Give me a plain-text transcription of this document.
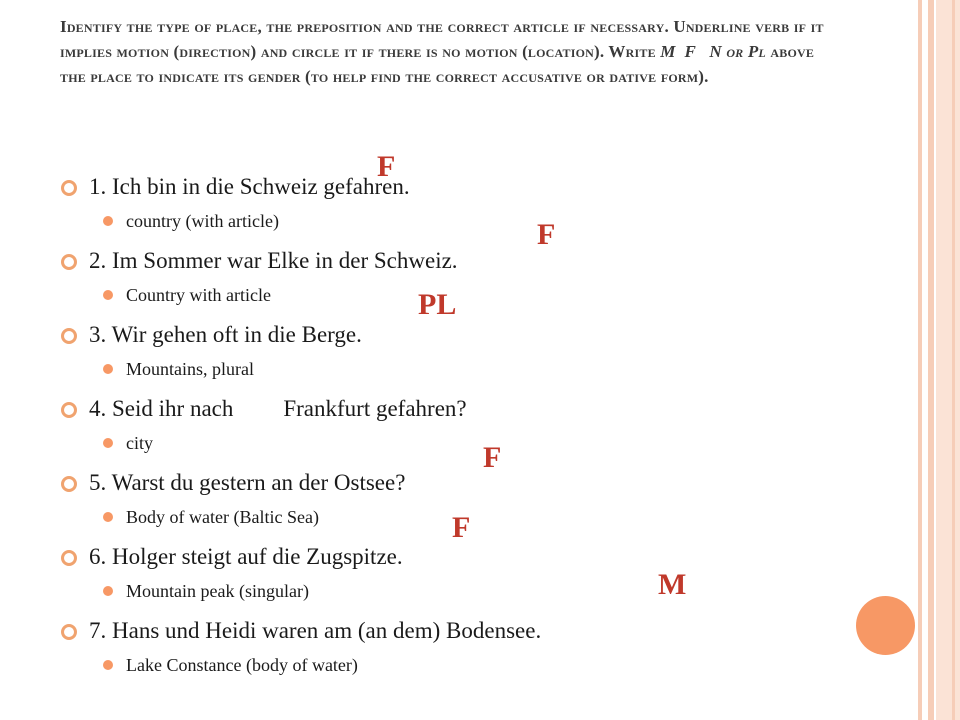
Identify the type of place, the preposition and the correct article if necessary. Underline verb if it implies motion (direction) and circle it if there is no motion (location). Write M F N or Pl above the place to indicate its gender (to help find the correct accusative or dative form).
1. Ich bin in die Schweiz gefahren.
country (with article)
2. Im Sommer war Elke in der Schweiz.
Country with article
3. Wir gehen oft in die Berge.
Mountains, plural
4. Seid ihr nach Frankfurt gefahren?
city
5. Warst du gestern an der Ostsee?
Body of water (Baltic Sea)
6. Holger steigt auf die Zugspitze.
Mountain peak (singular)
7. Hans und Heidi waren am (an dem) Bodensee.
Lake Constance (body of water)
F
F
PL
F
F
M
